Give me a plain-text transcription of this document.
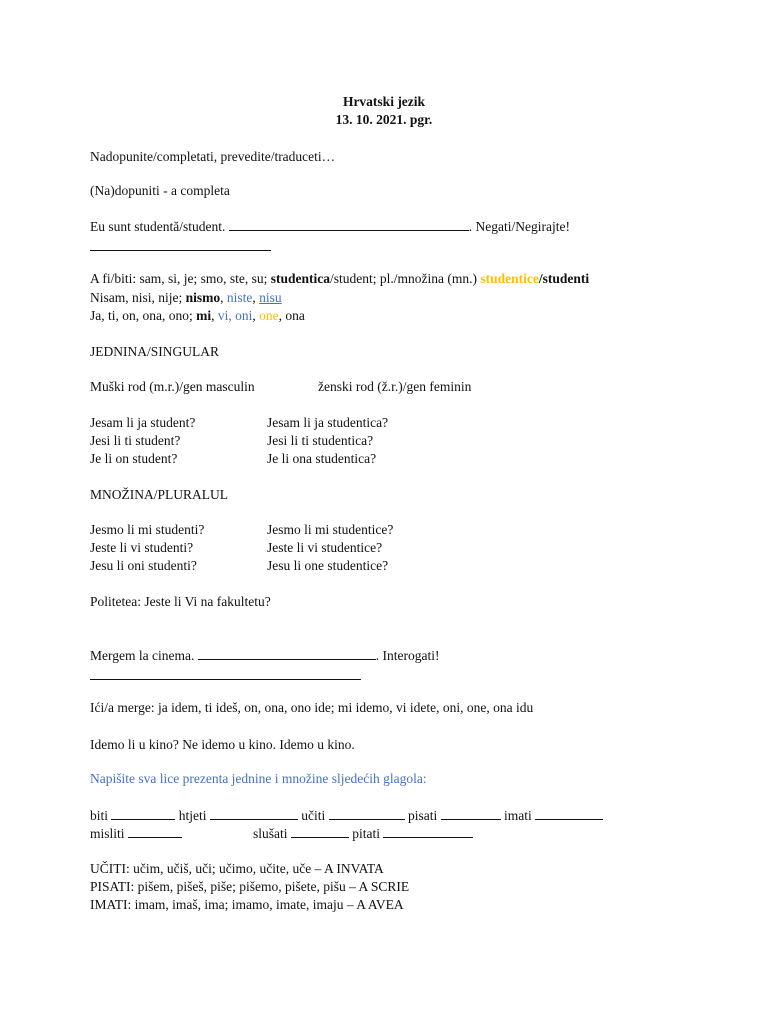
Hrvatski jezik
13. 10. 2021. pgr.
Nadopunite/completati, prevedite/traduceti…
(Na)dopuniti - a completa
Eu sunt studentă/student.	. Negati/Negirajte!
A fi/biti: sam, si, je; smo, ste, su; studentica/student; pl./množina (mn.) studentice/studenti
Nisam, nisi, nije; nismo, niste, nisu
Ja, ti, on, ona, ono; mi, vi, oni, one, ona
JEDNINA/SINGULAR
Muški rod (m.r.)/gen masculin	ženski rod (ž.r.)/gen feminin
Jesam li ja student?	Jesam li ja studentica?
Jesi li ti student?	Jesi li ti studentica?
Je li on student?	Je li ona studentica?
MNOŽINA/PLURALUL
Jesmo li mi studenti?	Jesmo li mi studentice?
Jeste li vi studenti?	Jeste li vi studentice?
Jesu li oni studenti?	Jesu li one studentice?
Politetea: Jeste li Vi na fakultetu?
Mergem la cinema.	. Interogati!
Ići/a merge: ja idem, ti ideš, on, ona, ono ide; mi idemo, vi idete, oni, one, ona idu
Idemo li u kino? Ne idemo u kino. Idemo u kino.
Napišite sva lice prezenta jednine i množine sljedećih glagola:
biti	htjeti	učiti	pisati	imati
misliti	slušati	pitati
UČITI: učim, učiš, uči; učimo, učite, uče – A INVATA
PISATI: pišem, pišeš, piše; pišemo, pišete, pišu – A SCRIE
IMATI: imam, imaš, ima; imamo, imate, imaju – A AVEA
